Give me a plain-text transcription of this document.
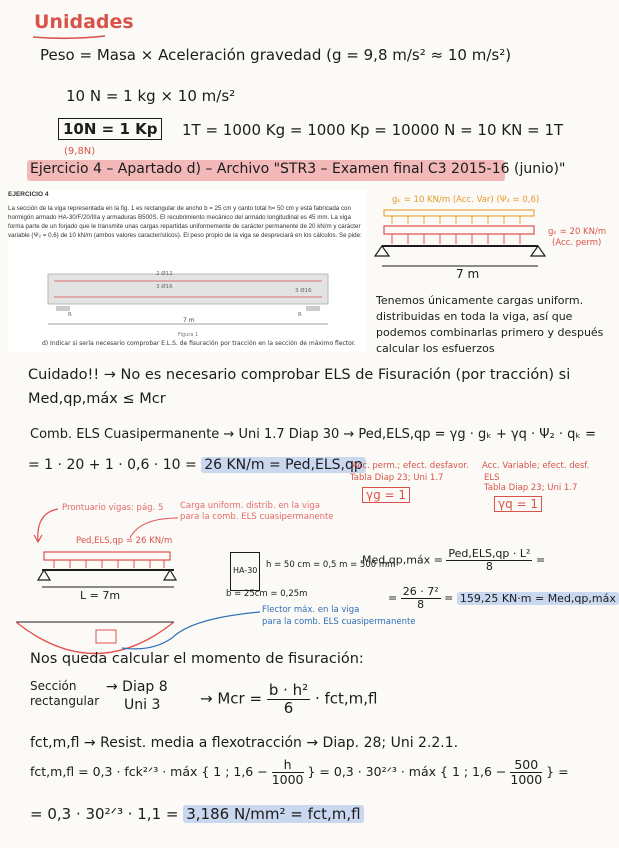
Unidades
Peso = Masa × Aceleración gravedad (g = 9,8 m/s² ≈ 10 m/s²)
10 N = 1 kg × 10 m/s²
10N = 1 Kp	1T = 1000 Kg = 1000 Kp = 10000 N = 10 KN = 1T
(9,8N)
Ejercicio 4 – Apartado d) – Archivo "STR3 – Examen final C3 2015-16 (junio)"

EJERCICIO 4

La sección de la viga representada en la fig. 1 es rectangular de ancho b = 25 cm y canto total h= 50 cm y está fabricada con hormigón armado HA-30/F/20/IIIa y armaduras B500S. El recubrimiento mecánico del armado longitudinal es 45 mm. La viga forma parte de un forjado que le transmite unas cargas repartidas uniformemente de carácter permanente de 20 kN/m y carácter variable (Ψ₂ = 0.6) de 10 kN/m (ambos valores característicos). El peso propio de la viga se despreciará en los cálculos. Se pide:

2 Ø12
3 Ø16
3 Ø16
R	R
7 m
Figura 1
d) Indicar si sería necesario comprobar E.L.S. de fisuración por tracción en la sección de máximo flector.
gₖ = 10 KN/m (Acc. Var) (Ψ₂ = 0,6)
gₖ = 20 KN/m
(Acc. perm)
7 m
Tenemos únicamente cargas uniform.
distribuidas en toda la viga, así que
podemos combinarlas primero y después
calcular los esfuerzos
Cuidado!! → No es necesario comprobar ELS de Fisuración (por tracción) si
Med,qp,máx ≤ Mcr
Comb. ELS Cuasipermanente → Uni 1.7 Diap 30 → Ped,ELS,qp = γg · gₖ + γq · Ψ₂ · qₖ =
= 1 · 20 + 1 · 0,6 · 10 = 26 KN/m = Ped,ELS,qp
Acc. perm.; efect. desfavor.
Tabla Diap 23; Uni 1.7
γg = 1
Acc. Variable; efect. desf.
ELS
Tabla Diap 23; Uni 1.7
γq = 1
Prontuario vigas: pág. 5 Carga uniform. distrib. en la viga
para la comb. ELS cuasipermanente
Ped,ELS,qp = 26 KN/m
L = 7m
HA-30
h = 50 cm = 0,5 m = 500 mm
b = 25cm = 0,25m
Flector máx. en la viga
para la comb. ELS cuasipermanente
Med,qp,máx = $\frac{\text{Ped,ELS,qp · L²}}{8}$ =
= $\frac{\text{26 · 7²}}{8} = 159,25$ KN·m = Med,qp,máx
Nos queda calcular el momento de fisuración:
Sección
rectangular
→ Diap 8
Uni 3	→ Mcr = $\frac{\text{b · h²}}{6} \cdot fct,m,fl$
fct,m,fl → Resist. media a flexotracción → Diap. 28; Uni 2.2.1.
fct,m,fl = 0,3 · fck²ᐟ³ · máx { 1 ; $1,6 - \frac{h}{1000}$ } = 0,3 · 30²ᐟ³ · máx { 1 ; $1,6 - \frac{500}{1000}$ } =
= 0,3 · 30²ᐟ³ · 1,1 = 3,186 N/mm² = fct,m,fl
